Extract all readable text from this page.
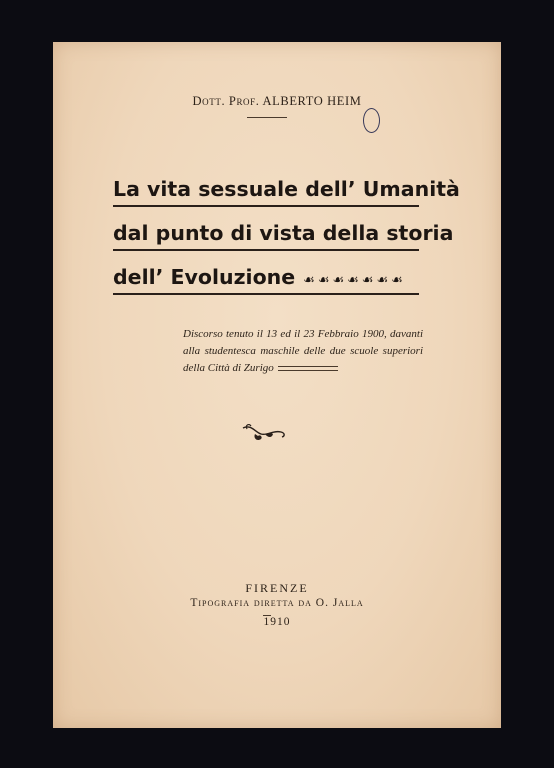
Dott. Prof. ALBERTO HEIM
La vita sessuale dell’ Umanità
dal punto di vista della storia
dell’ Evoluzione ☙☙☙☙☙☙☙
Discorso tenuto il 13 ed il 23 Febbraio 1900, davanti alla studentesca maschile delle due scuole superiori della Città di Zurigo
FIRENZE
Tipografia diretta da O. Jalla
1910
